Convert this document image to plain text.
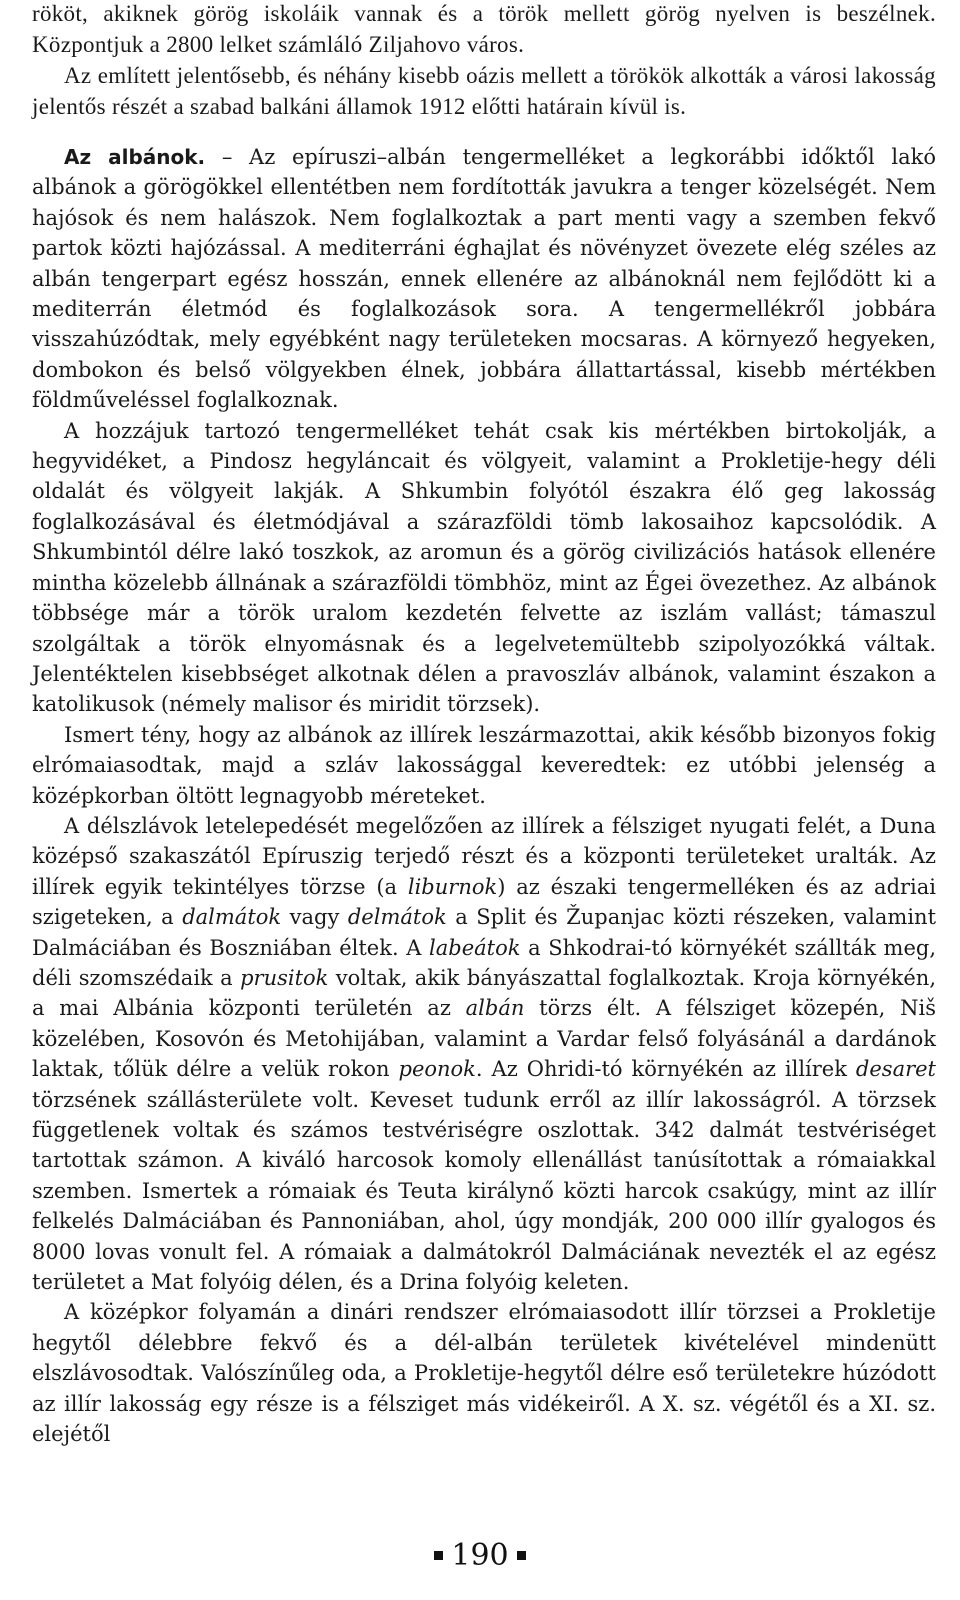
rököt, akiknek görög iskoláik vannak és a török mellett görög nyelven is beszélnek. Központjuk a 2800 lelket számláló Ziljahovo város.

Az említett jelentősebb, és néhány kisebb oázis mellett a törökök alkották a városi lakosság jelentős részét a szabad balkáni államok 1912 előtti határain kívül is.

Az albánok. – Az epíruszi–albán tengermelléket a legkorábbi időktől lakó albánok a görögökkel ellentétben nem fordították javukra a tenger közelségét. Nem hajósok és nem halászok. Nem foglalkoztak a part menti vagy a szemben fekvő partok közti hajózással. A mediterráni éghajlat és növényzet övezete elég széles az albán tengerpart egész hosszán, ennek ellenére az albánoknál nem fejlődött ki a mediterrán életmód és foglalkozások sora. A tengermellékről jobbára visszahúzódtak, mely egyébként nagy területeken mocsaras. A környező hegyeken, dombokon és belső völgyekben élnek, jobbára állattartással, kisebb mértékben földműveléssel foglalkoznak.

A hozzájuk tartozó tengermelléket tehát csak kis mértékben birtokolják, a hegyvidéket, a Pindosz hegyláncait és völgyeit, valamint a Prokletije-hegy déli oldalát és völgyeit lakják. A Shkumbin folyótól északra élő geg lakosság foglalkozásával és életmódjával a szárazföldi tömb lakosaihoz kapcsolódik. A Shkumbintól délre lakó toszkok, az aromun és a görög civilizációs hatások ellenére mintha közelebb állnának a szárazföldi tömbhöz, mint az Égei övezethez. Az albánok többsége már a török uralom kezdetén felvette az iszlám vallást; támaszul szolgáltak a török elnyomásnak és a legelvetemültebb szipolyozókká váltak. Jelentéktelen kisebbséget alkotnak délen a pravoszláv albánok, valamint északon a katolikusok (némely malisor és miridit törzsek).

Ismert tény, hogy az albánok az illírek leszármazottai, akik később bizonyos fokig elrómaiasodtak, majd a szláv lakossággal keveredtek: ez utóbbi jelenség a középkorban öltött legnagyobb méreteket.

A délszlávok letelepedését megelőzően az illírek a félsziget nyugati felét, a Duna középső szakaszától Epíruszig terjedő részt és a központi területeket uralták. Az illírek egyik tekintélyes törzse (a liburnok) az északi tengermelléken és az adriai szigeteken, a dalmátok vagy delmátok a Split és Županjac közti részeken, valamint Dalmáciában és Boszniában éltek. A labeátok a Shkodrai-tó környékét szállták meg, déli szomszédaik a prusitok voltak, akik bányászattal foglalkoztak. Kroja környékén, a mai Albánia központi területén az albán törzs élt. A félsziget közepén, Niš közelében, Kosovón és Metohijában, valamint a Vardar felső folyásánál a dardánok laktak, tőlük délre a velük rokon peonok. Az Ohridi-tó környékén az illírek desaret törzsének szállásterülete volt. Keveset tudunk erről az illír lakosságról. A törzsek függetlenek voltak és számos testvériségre oszlottak. 342 dalmát testvériséget tartottak számon. A kiváló harcosok komoly ellenállást tanúsítottak a rómaiakkal szemben. Ismertek a rómaiak és Teuta királynő közti harcok csakúgy, mint az illír felkelés Dalmáciában és Pannoniában, ahol, úgy mondják, 200 000 illír gyalogos és 8000 lovas vonult fel. A rómaiak a dalmátokról Dalmáciának nevezték el az egész területet a Mat folyóig délen, és a Drina folyóig keleten.

A középkor folyamán a dinári rendszer elrómaiasodott illír törzsei a Prokletije hegytől délebbre fekvő és a dél-albán területek kivételével mindenütt elszlávosodtak. Valószínűleg oda, a Prokletije-hegytől délre eső területekre húzódott az illír lakosság egy része is a félsziget más vidékeiről. A X. sz. végétől és a XI. sz. elejétől

190
